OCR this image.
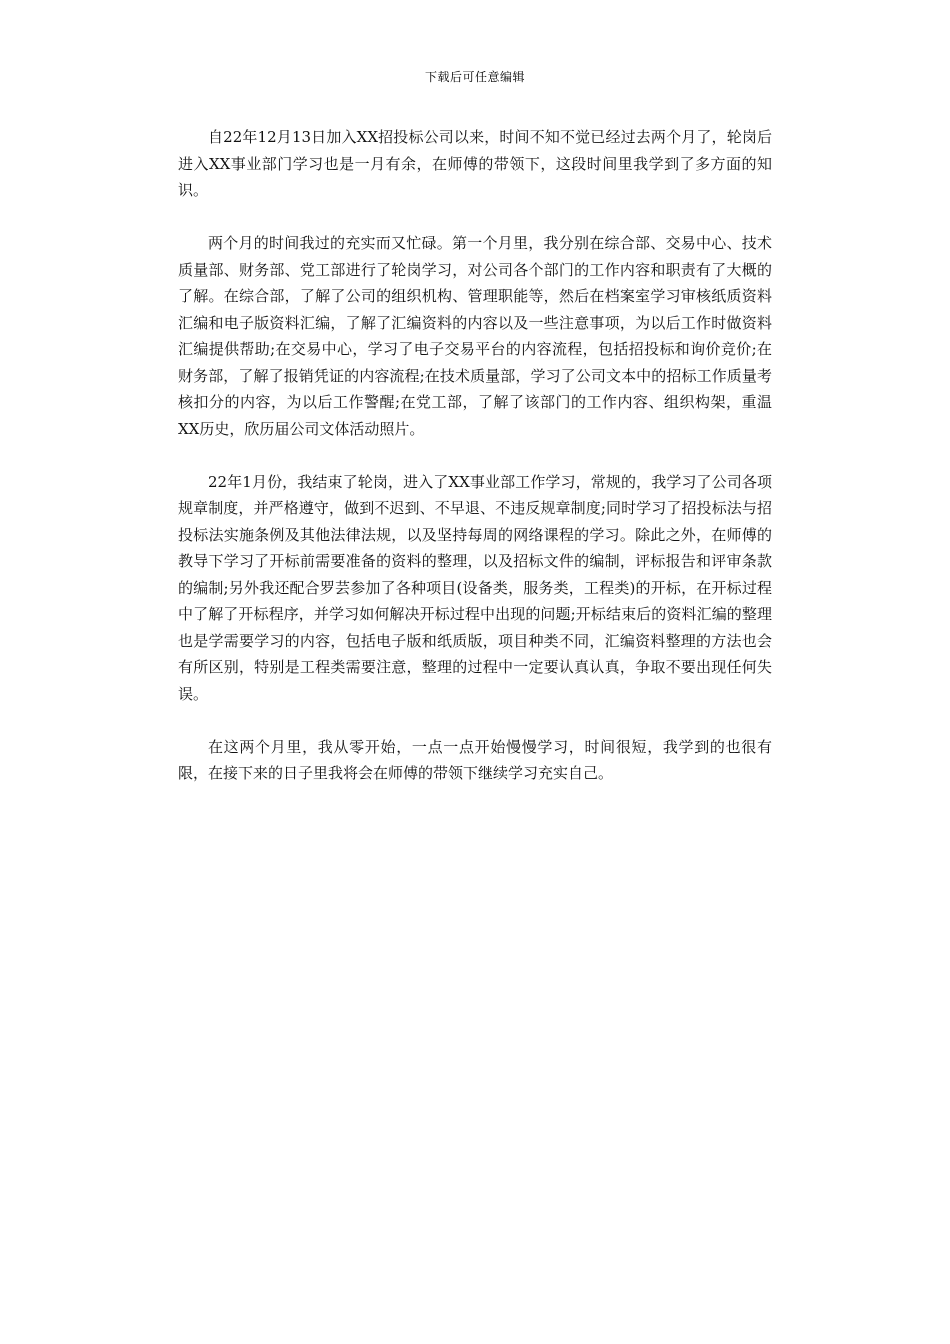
下载后可任意编辑

自22年12月13日加入XX招投标公司以来，时间不知不觉已经过去两个月了，轮岗后进入XX事业部门学习也是一月有余，在师傅的带领下，这段时间里我学到了多方面的知识。

两个月的时间我过的充实而又忙碌。第一个月里，我分别在综合部、交易中心、技术质量部、财务部、党工部进行了轮岗学习，对公司各个部门的工作内容和职责有了大概的了解。在综合部，了解了公司的组织机构、管理职能等，然后在档案室学习审核纸质资料汇编和电子版资料汇编，了解了汇编资料的内容以及一些注意事项，为以后工作时做资料汇编提供帮助;在交易中心，学习了电子交易平台的内容流程，包括招投标和询价竞价;在财务部，了解了报销凭证的内容流程;在技术质量部，学习了公司文本中的招标工作质量考核扣分的内容，为以后工作警醒;在党工部，了解了该部门的工作内容、组织构架，重温XX历史，欣历届公司文体活动照片。

22年1月份，我结束了轮岗，进入了XX事业部工作学习，常规的，我学习了公司各项规章制度，并严格遵守，做到不迟到、不早退、不违反规章制度;同时学习了招投标法与招投标法实施条例及其他法律法规，以及坚持每周的网络课程的学习。除此之外，在师傅的教导下学习了开标前需要准备的资料的整理，以及招标文件的编制，评标报告和评审条款的编制;另外我还配合罗芸参加了各种项目(设备类，服务类，工程类)的开标，在开标过程中了解了开标程序，并学习如何解决开标过程中出现的问题;开标结束后的资料汇编的整理也是学需要学习的内容，包括电子版和纸质版，项目种类不同，汇编资料整理的方法也会有所区别，特别是工程类需要注意，整理的过程中一定要认真认真，争取不要出现任何失误。

在这两个月里，我从零开始，一点一点开始慢慢学习，时间很短，我学到的也很有限，在接下来的日子里我将会在师傅的带领下继续学习充实自己。
